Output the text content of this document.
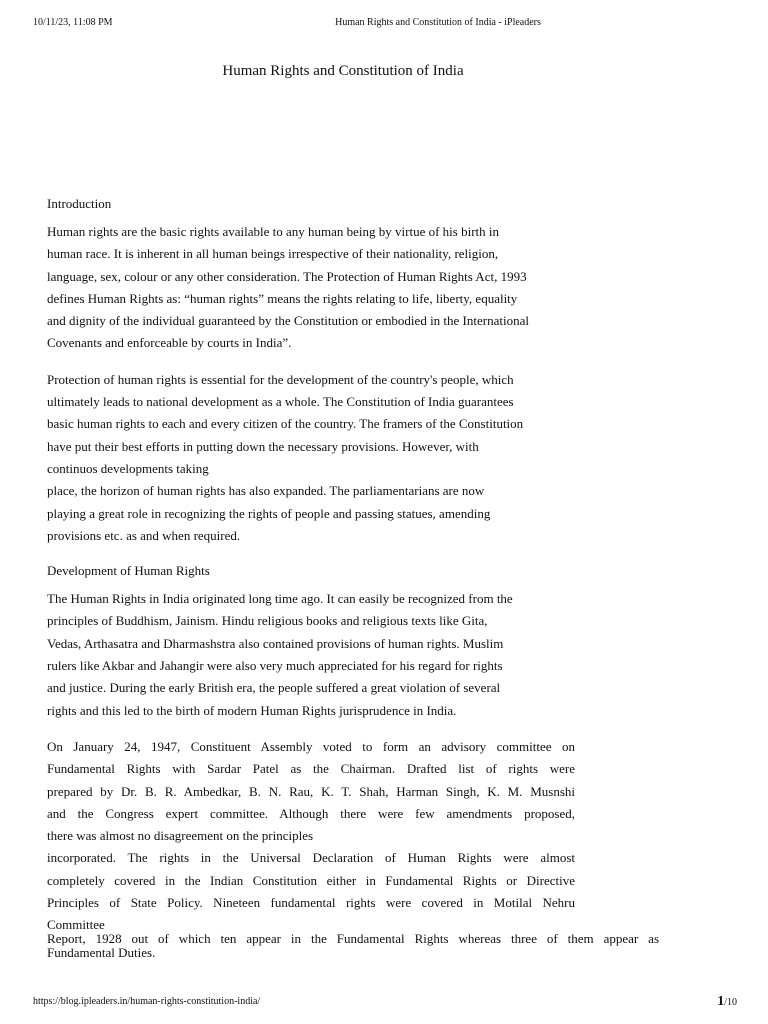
10/11/23, 11:08 PM	Human Rights and Constitution of India - iPleaders
Human Rights and Constitution of India
Introduction
Human rights are the basic rights available to any human being by virtue of his birth in
human race. It is inherent in all human beings irrespective of their nationality, religion,
language, sex, colour or any other consideration. The Protection of Human Rights Act, 1993
defines Human Rights as: “human rights” means the rights relating to life, liberty, equality
and dignity of the individual guaranteed by the Constitution or embodied in the International
Covenants and enforceable by courts in India”.
Protection of human rights is essential for the development of the country's people, which
ultimately leads to national development as a whole. The Constitution of India guarantees
basic human rights to each and every citizen of the country. The framers of the Constitution
have put their best efforts in putting down the necessary provisions. However, with
continuos developments taking
place, the horizon of human rights has also expanded. The parliamentarians are now
playing a great role in recognizing the rights of people and passing statues, amending
provisions etc. as and when required.
Development of Human Rights
The Human Rights in India originated long time ago. It can easily be recognized from the
principles of Buddhism, Jainism. Hindu religious books and religious texts like Gita,
Vedas, Arthasatra and Dharmashstra also contained provisions of human rights. Muslim
rulers like Akbar and Jahangir were also very much appreciated for his regard for rights
and justice. During the early British era, the people suffered a great violation of several
rights and this led to the birth of modern Human Rights jurisprudence in India.
On January 24, 1947, Constituent Assembly voted to form an advisory committee on
Fundamental Rights with Sardar Patel as the Chairman. Drafted list of rights were
prepared by Dr. B. R. Ambedkar, B. N. Rau, K. T. Shah, Harman Singh, K. M. Musnshi
and the Congress expert committee. Although there were few amendments proposed,
there was almost no disagreement on the principles
incorporated. The rights in the Universal Declaration of Human Rights were almost
completely covered in the Indian Constitution either in Fundamental Rights or Directive
Principles of State Policy. Nineteen fundamental rights were covered in Motilal Nehru
Committee
Report, 1928 out of which ten appear in the Fundamental Rights whereas three of them appear as
Fundamental Duties.
https://blog.ipleaders.in/human-rights-constitution-india/	1/10
